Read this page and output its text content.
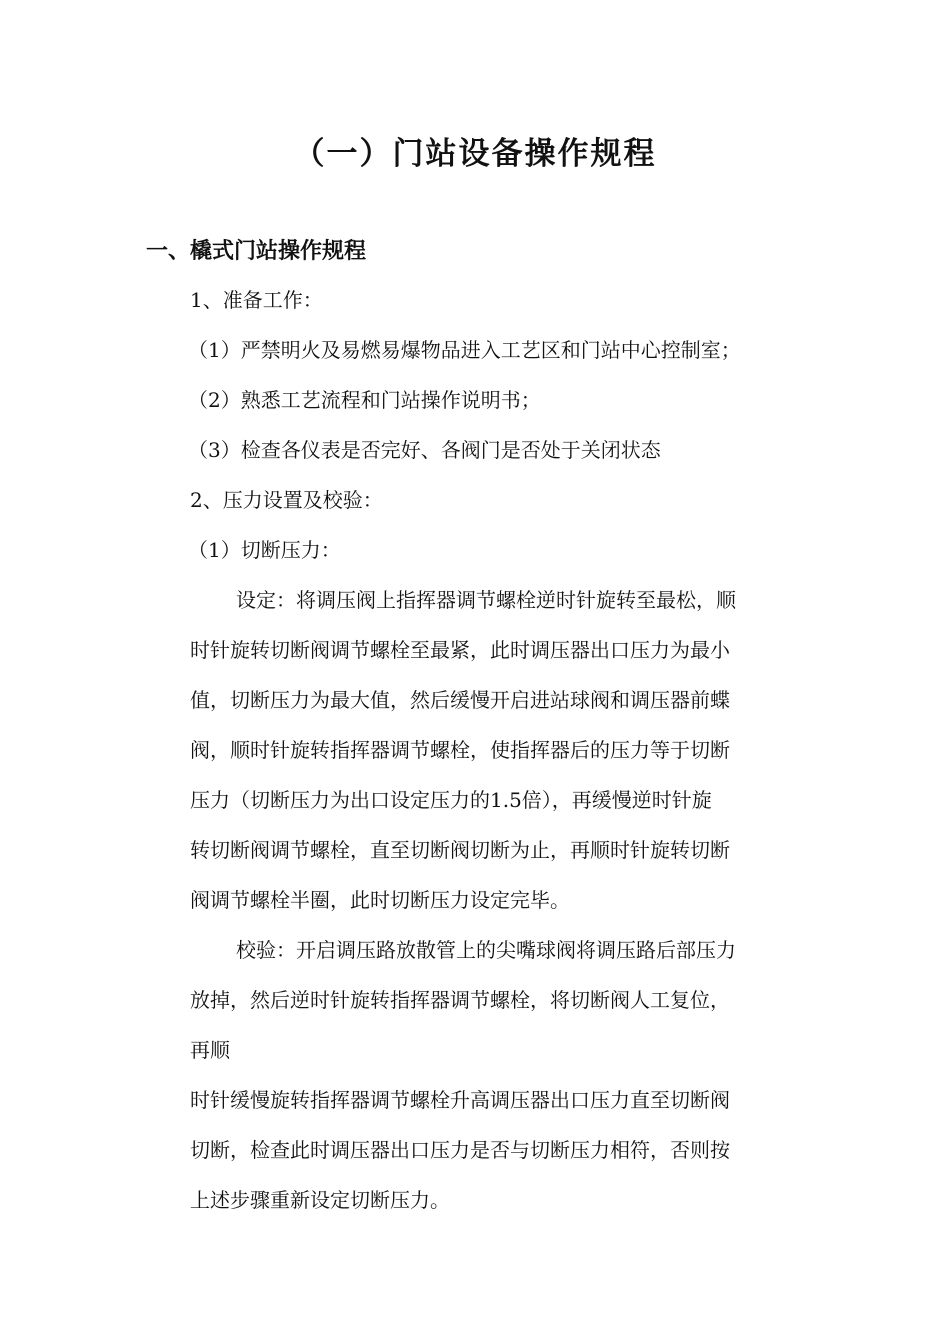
（一）门站设备操作规程
一、橇式门站操作规程
1、准备工作：
（1）严禁明火及易燃易爆物品进入工艺区和门站中心控制室；
（2）熟悉工艺流程和门站操作说明书；
（3）检查各仪表是否完好、各阀门是否处于关闭状态
2、压力设置及校验：
（1）切断压力：
设定：将调压阀上指挥器调节螺栓逆时针旋转至最松，顺
时针旋转切断阀调节螺栓至最紧，此时调压器出口压力为最小
值，切断压力为最大值，然后缓慢开启进站球阀和调压器前蝶
阀，顺时针旋转指挥器调节螺栓，使指挥器后的压力等于切断
压力（切断压力为出口设定压力的1.5倍），再缓慢逆时针旋
转切断阀调节螺栓，直至切断阀切断为止，再顺时针旋转切断
阀调节螺栓半圈，此时切断压力设定完毕。
校验：开启调压路放散管上的尖嘴球阀将调压路后部压力
放掉，然后逆时针旋转指挥器调节螺栓，将切断阀人工复位，
再顺
时针缓慢旋转指挥器调节螺栓升高调压器出口压力直至切断阀
切断，检查此时调压器出口压力是否与切断压力相符，否则按
上述步骤重新设定切断压力。
